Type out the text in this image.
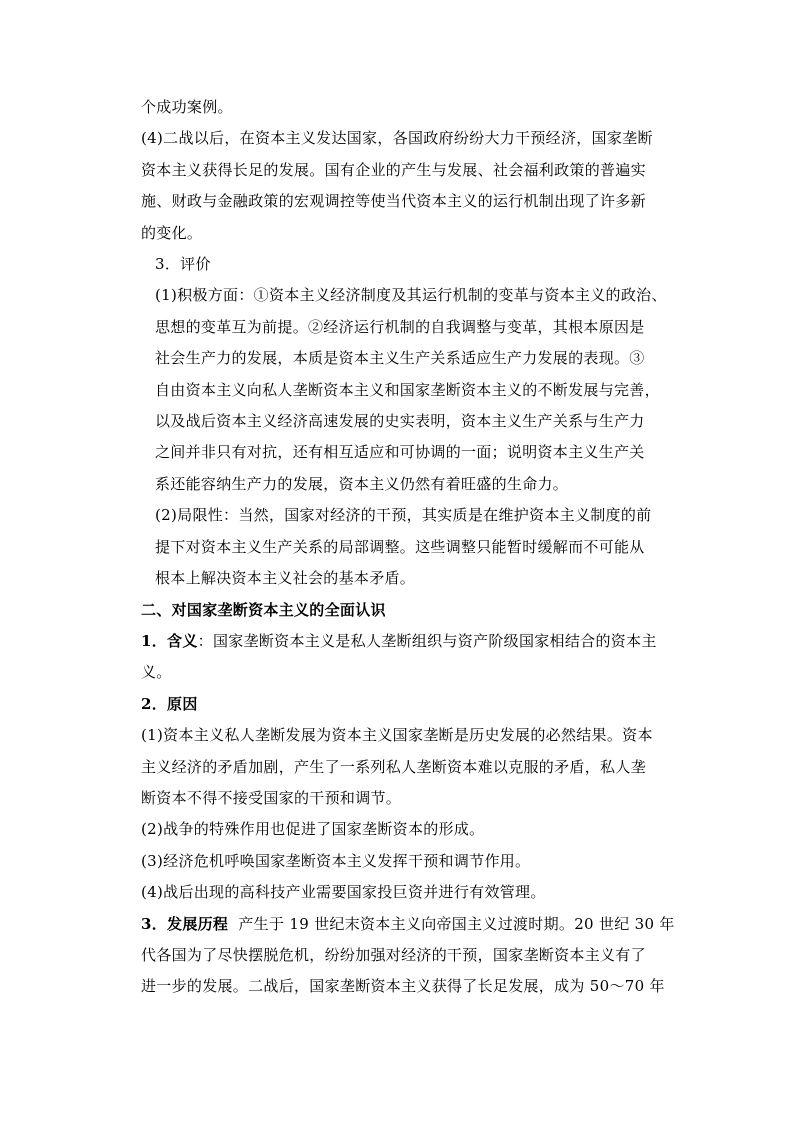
个成功案例。
(4)二战以后，在资本主义发达国家，各国政府纷纷大力干预经济，国家垄断
资本主义获得长足的发展。国有企业的产生与发展、社会福利政策的普遍实
施、财政与金融政策的宏观调控等使当代资本主义的运行机制出现了许多新
的变化。
3．评价
(1)积极方面：①资本主义经济制度及其运行机制的变革与资本主义的政治、
思想的变革互为前提。②经济运行机制的自我调整与变革，其根本原因是
社会生产力的发展，本质是资本主义生产关系适应生产力发展的表现。③
自由资本主义向私人垄断资本主义和国家垄断资本主义的不断发展与完善，
以及战后资本主义经济高速发展的史实表明，资本主义生产关系与生产力
之间并非只有对抗，还有相互适应和可协调的一面；说明资本主义生产关
系还能容纳生产力的发展，资本主义仍然有着旺盛的生命力。
(2)局限性：当然，国家对经济的干预，其实质是在维护资本主义制度的前
提下对资本主义生产关系的局部调整。这些调整只能暂时缓解而不可能从
根本上解决资本主义社会的基本矛盾。
二、对国家垄断资本主义的全面认识
1．含义：国家垄断资本主义是私人垄断组织与资产阶级国家相结合的资本主
义。
2．原因
(1)资本主义私人垄断发展为资本主义国家垄断是历史发展的必然结果。资本
主义经济的矛盾加剧，产生了一系列私人垄断资本难以克服的矛盾，私人垄
断资本不得不接受国家的干预和调节。
(2)战争的特殊作用也促进了国家垄断资本的形成。
(3)经济危机呼唤国家垄断资本主义发挥干预和调节作用。
(4)战后出现的高科技产业需要国家投巨资并进行有效管理。
3．发展历程  产生于 19 世纪末资本主义向帝国主义过渡时期。20 世纪 30 年
代各国为了尽快摆脱危机，纷纷加强对经济的干预，国家垄断资本主义有了
进一步的发展。二战后，国家垄断资本主义获得了长足发展，成为 50～70 年
